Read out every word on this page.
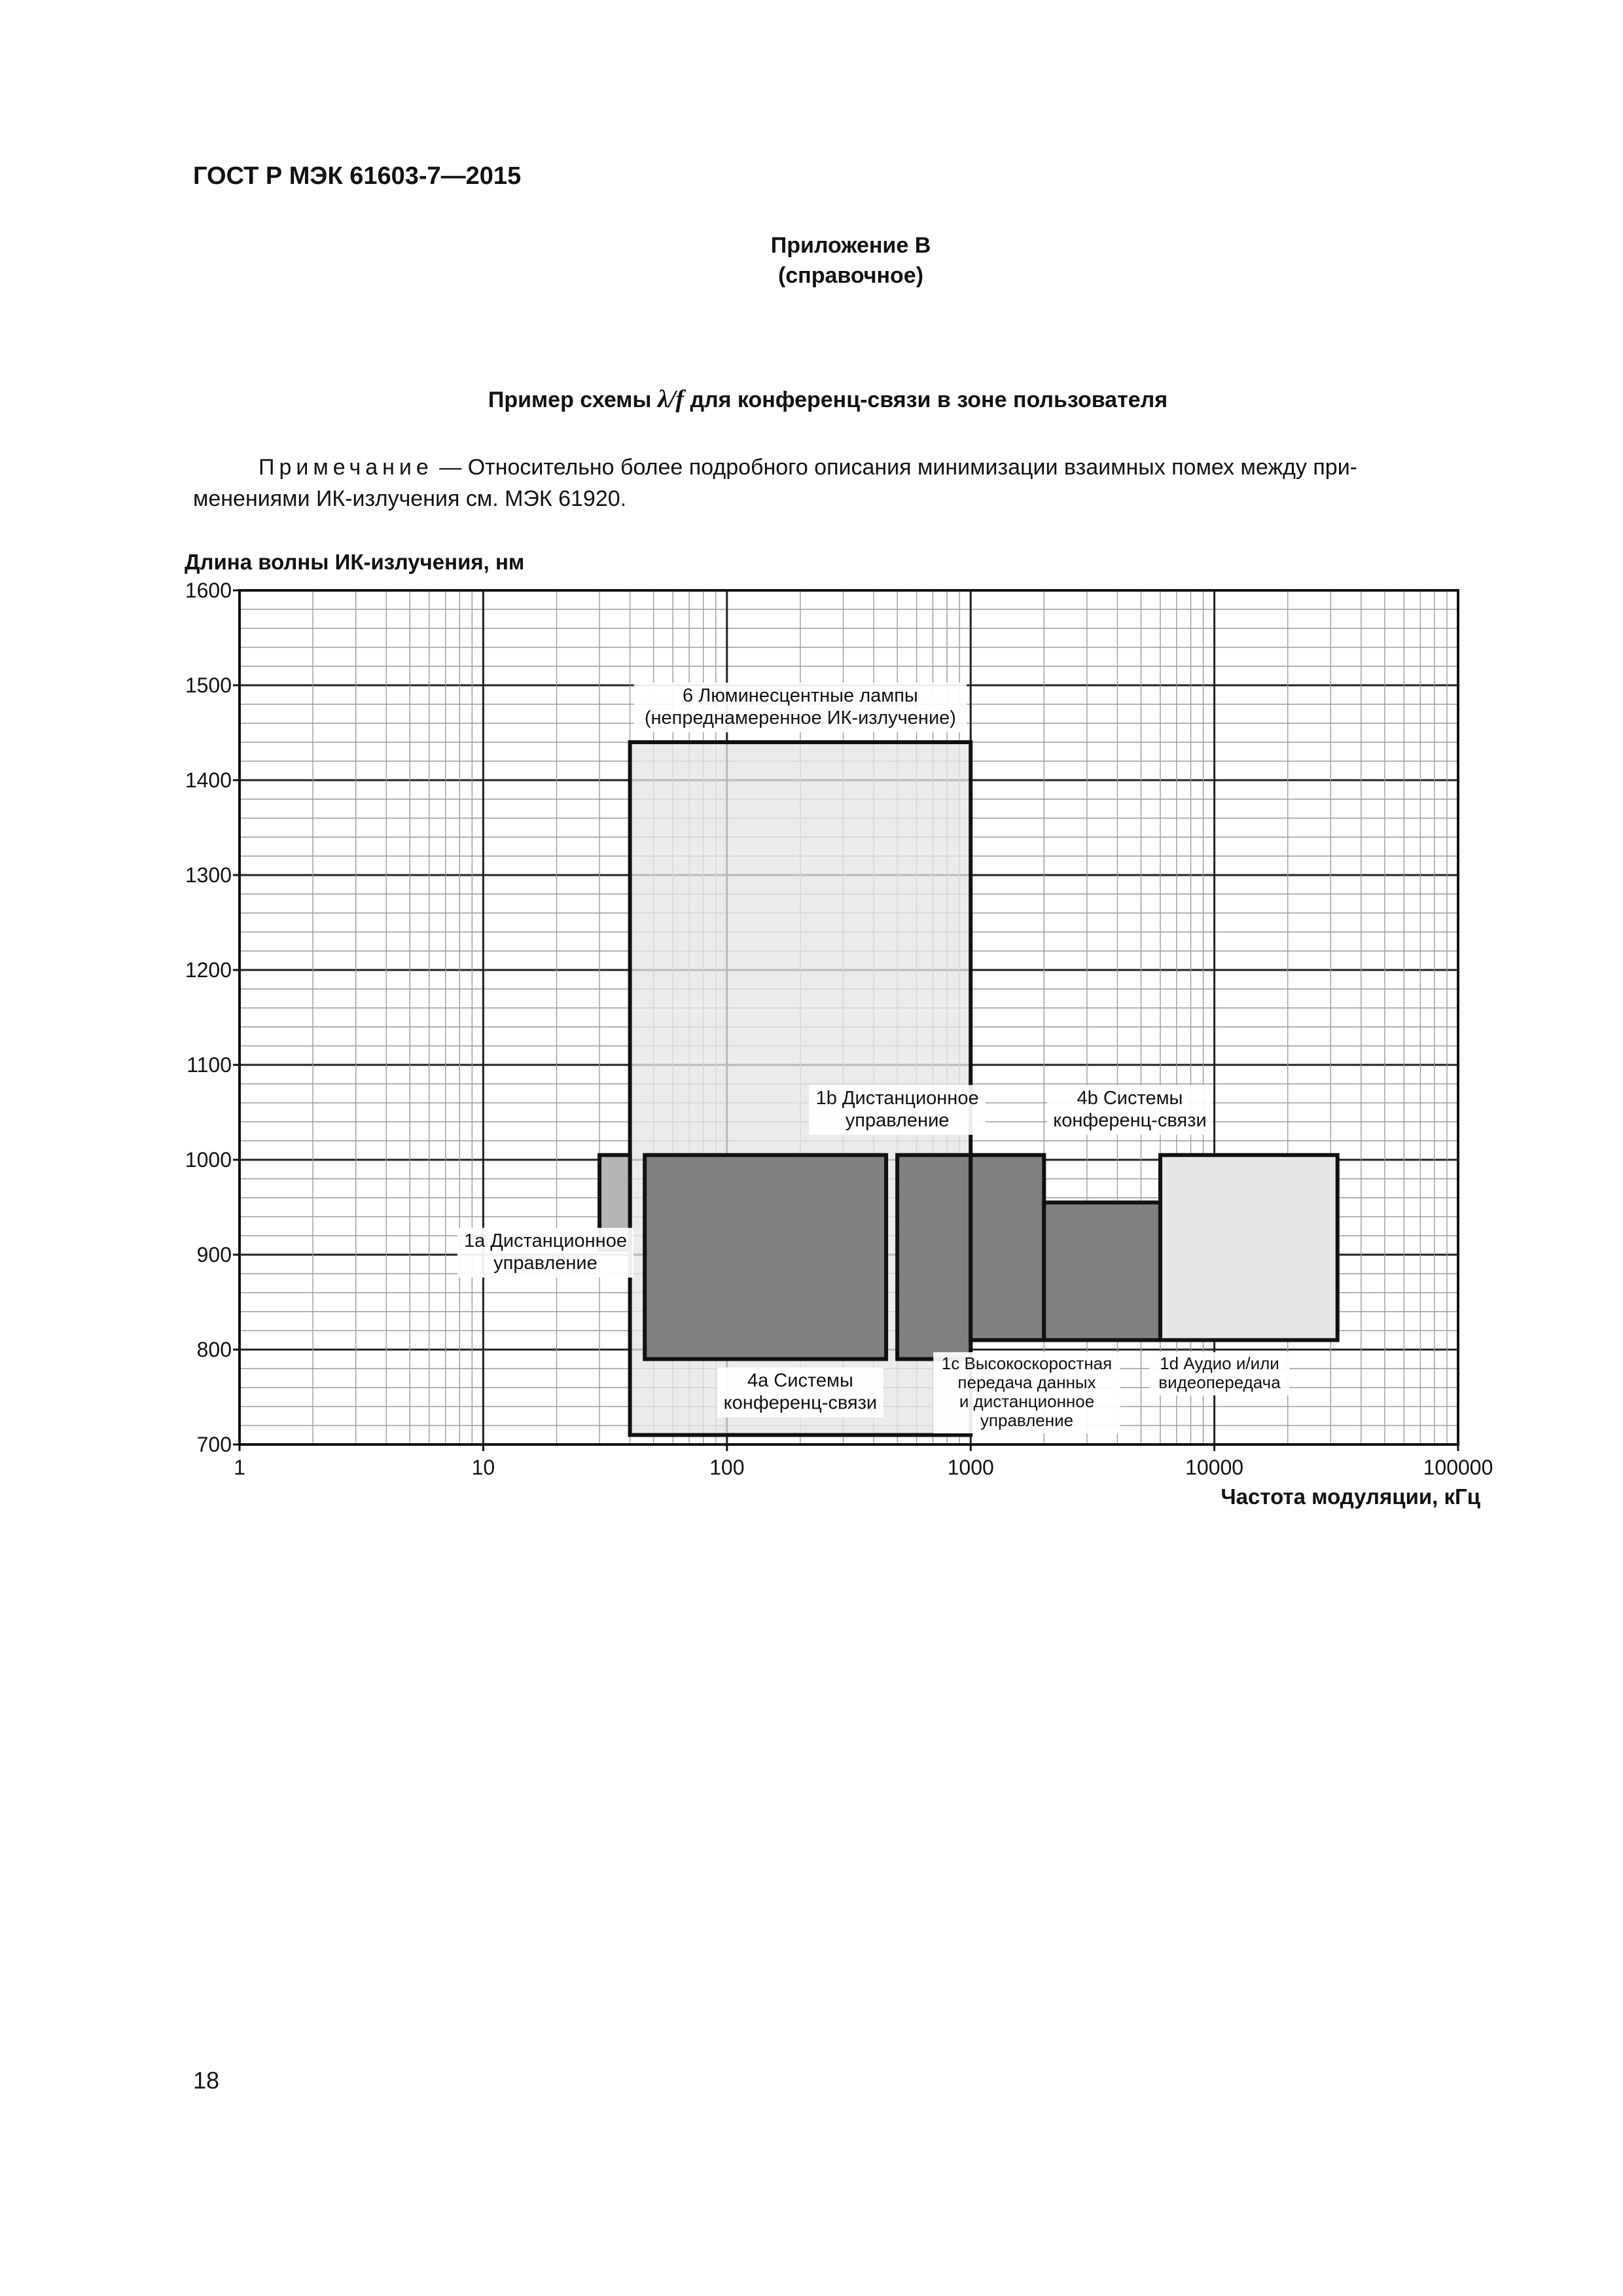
ГОСТ Р МЭК 61603-7—2015
Приложение В
(справочное)
Пример схемы λ/f для конференц-связи в зоне пользователя
Примечание — Относительно более подробного описания минимизации взаимных помех между при-
менениями ИК-излучения см. МЭК 61920.
6 Люминесцентные лампы
(непреднамеренное ИК-излучение)
1а Дистанционное
управление
4а Системы
конференц-связи
1b Дистанционное
управление
1с Высокоскоростная
передача данных
и дистанционное
управление
4b Системы
конференц-связи
1d Аудио и/или
видеопередача
700
800
900
1000
1100
1200
1300
1400
1500
1600
1	10	100	1000	10000	100000
Длина волны ИК-излучения, нм
Частота модуляции, кГц
18
